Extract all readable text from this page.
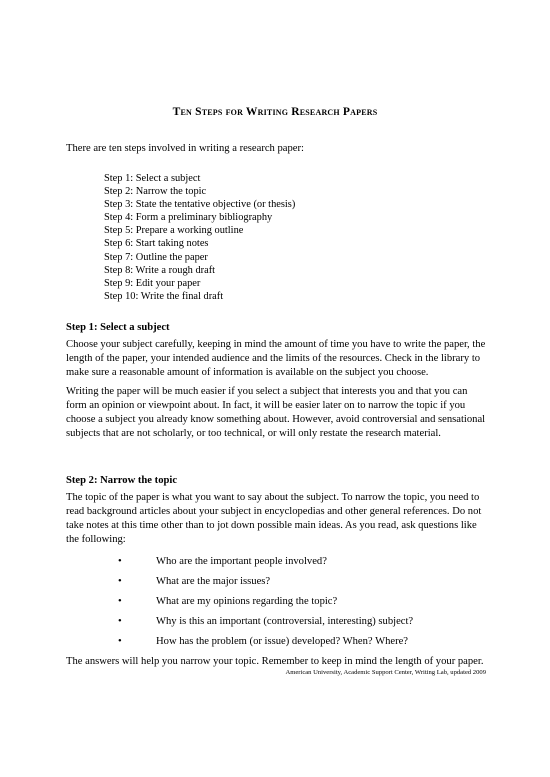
Ten Steps for Writing Research Papers
There are ten steps involved in writing a research paper:
Step 1: Select a subject
Step 2: Narrow the topic
Step 3: State the tentative objective (or thesis)
Step 4: Form a preliminary bibliography
Step 5: Prepare a working outline
Step 6: Start taking notes
Step 7: Outline the paper
Step 8: Write a rough draft
Step 9: Edit your paper
Step 10: Write the final draft
Step 1: Select a subject

Choose your subject carefully, keeping in mind the amount of time you have to write the paper, the length of the paper, your intended audience and the limits of the resources. Check in the library to make sure a reasonable amount of information is available on the subject you choose.

Writing the paper will be much easier if you select a subject that interests you and that you can form an opinion or viewpoint about. In fact, it will be easier later on to narrow the topic if you choose a subject you already know something about. However, avoid controversial and sensational subjects that are not scholarly, or too technical, or will only restate the research material.

Step 2: Narrow the topic

The topic of the paper is what you want to say about the subject. To narrow the topic, you need to read background articles about your subject in encyclopedias and other general references. Do not take notes at this time other than to jot down possible main ideas. As you read, ask questions like the following:

•	Who are the important people involved?
•	What are the major issues?
•	What are my opinions regarding the topic?
•	Why is this an important (controversial, interesting) subject?
•	How has the problem (or issue) developed? When? Where?

The answers will help you narrow your topic. Remember to keep in mind the length of your paper.

American University, Academic Support Center, Writing Lab, updated 2009
